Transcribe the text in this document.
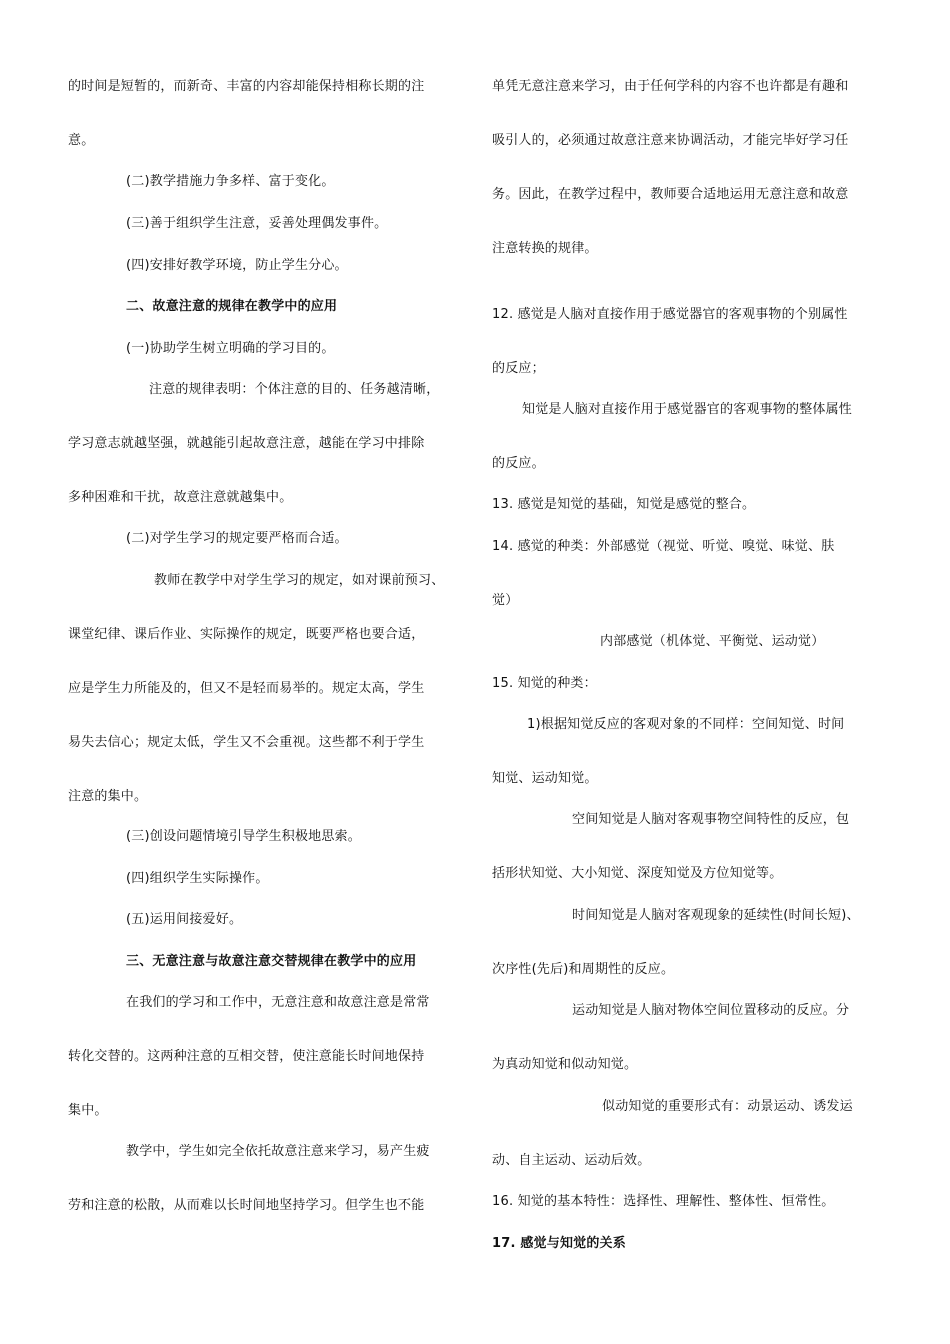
的时间是短暂的，而新奇、丰富的内容却能保持相称长期的注
意。
(二)教学措施力争多样、富于变化。
(三)善于组织学生注意，妥善处理偶发事件。
(四)安排好教学环境，防止学生分心。
二、故意注意的规律在教学中的应用
(一)协助学生树立明确的学习目的。
注意的规律表明：个体注意的目的、任务越清晰，
学习意志就越坚强，就越能引起故意注意，越能在学习中排除
多种困难和干扰，故意注意就越集中。
(二)对学生学习的规定要严格而合适。
教师在教学中对学生学习的规定，如对课前预习、
课堂纪律、课后作业、实际操作的规定，既要严格也要合适，
应是学生力所能及的，但又不是轻而易举的。规定太高，学生
易失去信心；规定太低，学生又不会重视。这些都不利于学生
注意的集中。
(三)创设问题情境引导学生积极地思索。
(四)组织学生实际操作。
(五)运用间接爱好。
三、无意注意与故意注意交替规律在教学中的应用
在我们的学习和工作中，无意注意和故意注意是常常
转化交替的。这两种注意的互相交替，使注意能长时间地保持
集中。
教学中，学生如完全依托故意注意来学习，易产生疲
劳和注意的松散，从而难以长时间地坚持学习。但学生也不能
单凭无意注意来学习，由于任何学科的内容不也许都是有趣和
吸引人的，必须通过故意注意来协调活动，才能完毕好学习任
务。因此，在教学过程中，教师要合适地运用无意注意和故意
注意转换的规律。
12. 感觉是人脑对直接作用于感觉器官的客观事物的个别属性
的反应；
知觉是人脑对直接作用于感觉器官的客观事物的整体属性
的反应。
13. 感觉是知觉的基础，知觉是感觉的整合。
14. 感觉的种类：外部感觉（视觉、听觉、嗅觉、味觉、肤
觉）
内部感觉（机体觉、平衡觉、运动觉）
15. 知觉的种类：
1)根据知觉反应的客观对象的不同样：空间知觉、时间
知觉、运动知觉。
空间知觉是人脑对客观事物空间特性的反应，包
括形状知觉、大小知觉、深度知觉及方位知觉等。
时间知觉是人脑对客观现象的延续性(时间长短)、
次序性(先后)和周期性的反应。
运动知觉是人脑对物体空间位置移动的反应。分
为真动知觉和似动知觉。
似动知觉的重要形式有：动景运动、诱发运
动、自主运动、运动后效。
16. 知觉的基本特性：选择性、理解性、整体性、恒常性。
17. 感觉与知觉的关系
